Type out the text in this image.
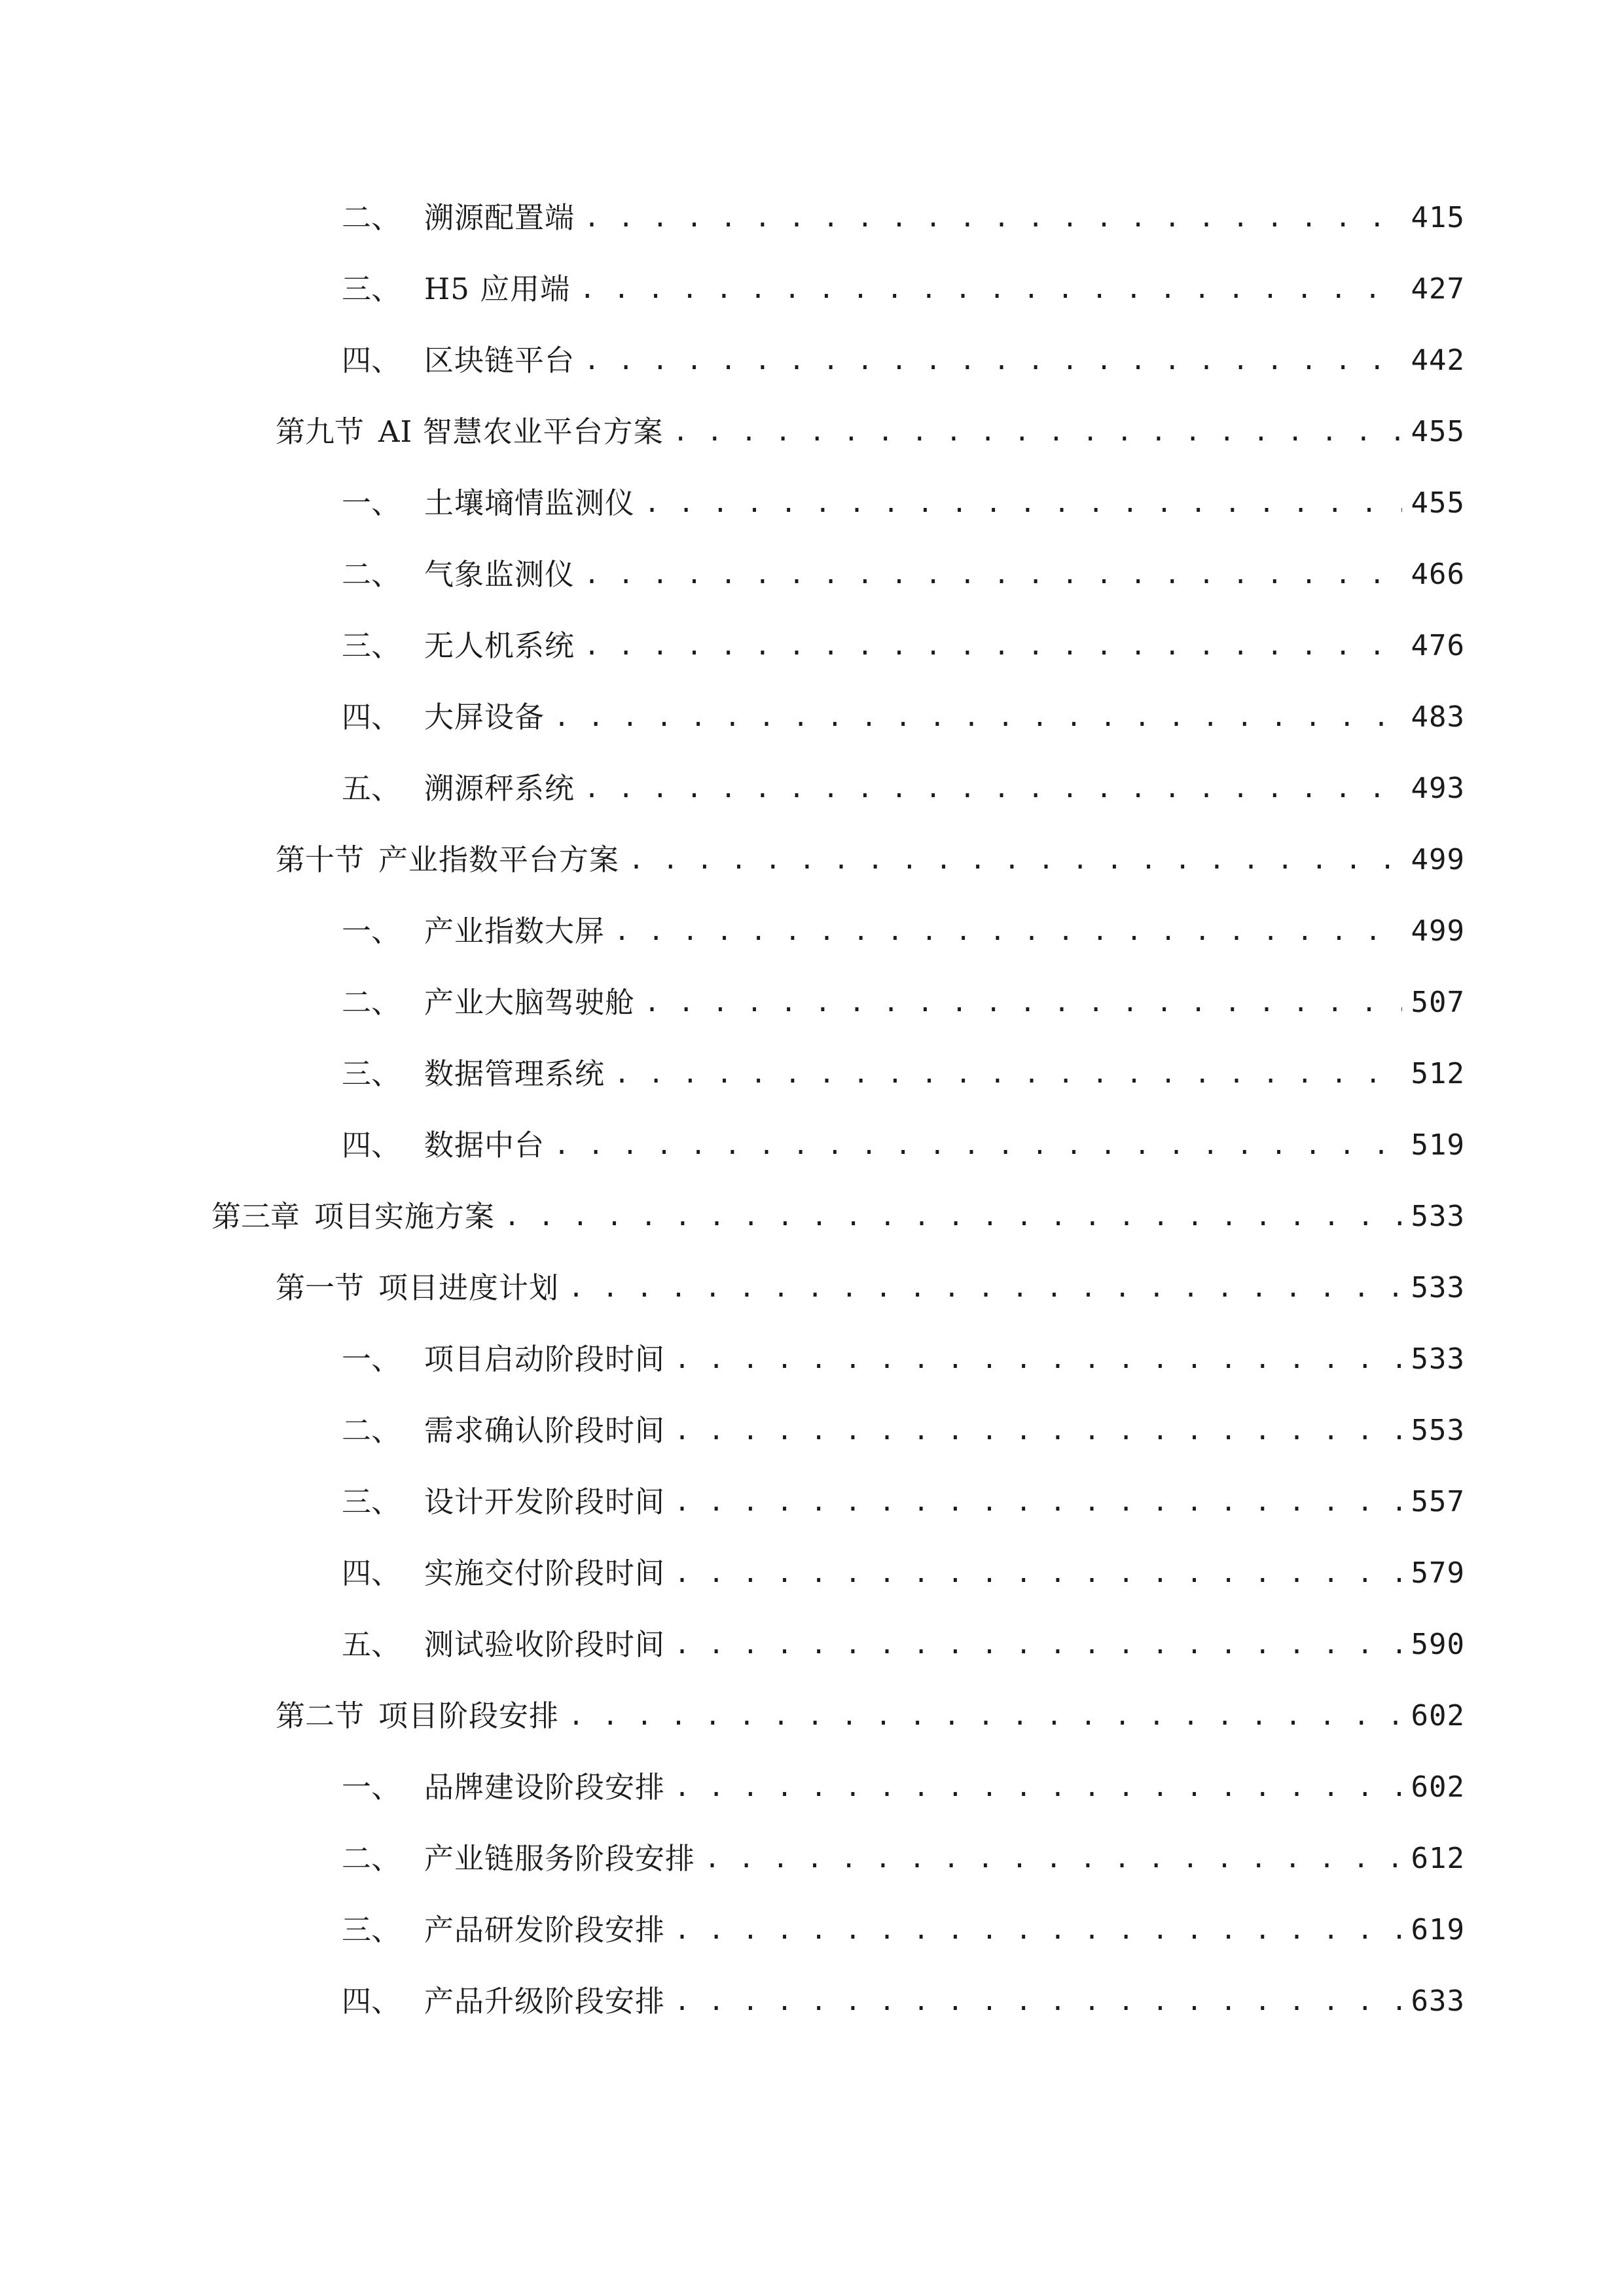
二、 溯源配置端 . . .	415
三、 H5 应用端 . . .	427
四、 区块链平台 . . .	442
第九节 AI 智慧农业平台方案 . . .	455
一、 土壤墒情监测仪 . . .	455
二、 气象监测仪 . . .	466
三、 无人机系统 . . .	476
四、 大屏设备 . . .	483
五、 溯源秤系统 . . .	493
第十节 产业指数平台方案 . . .	499
一、 产业指数大屏 . . .	499
二、 产业大脑驾驶舱 . . .	507
三、 数据管理系统 . . .	512
四、 数据中台 . . .	519
第三章 项目实施方案 . . .	533
第一节 项目进度计划 . . .	533
一、 项目启动阶段时间 . . .	533
二、 需求确认阶段时间 . . .	553
三、 设计开发阶段时间 . . .	557
四、 实施交付阶段时间 . . .	579
五、 测试验收阶段时间 . . .	590
第二节 项目阶段安排 . . .	602
一、 品牌建设阶段安排 . . .	602
二、 产业链服务阶段安排 . . .	612
三、 产品研发阶段安排 . . .	619
四、 产品升级阶段安排 . . .	633
